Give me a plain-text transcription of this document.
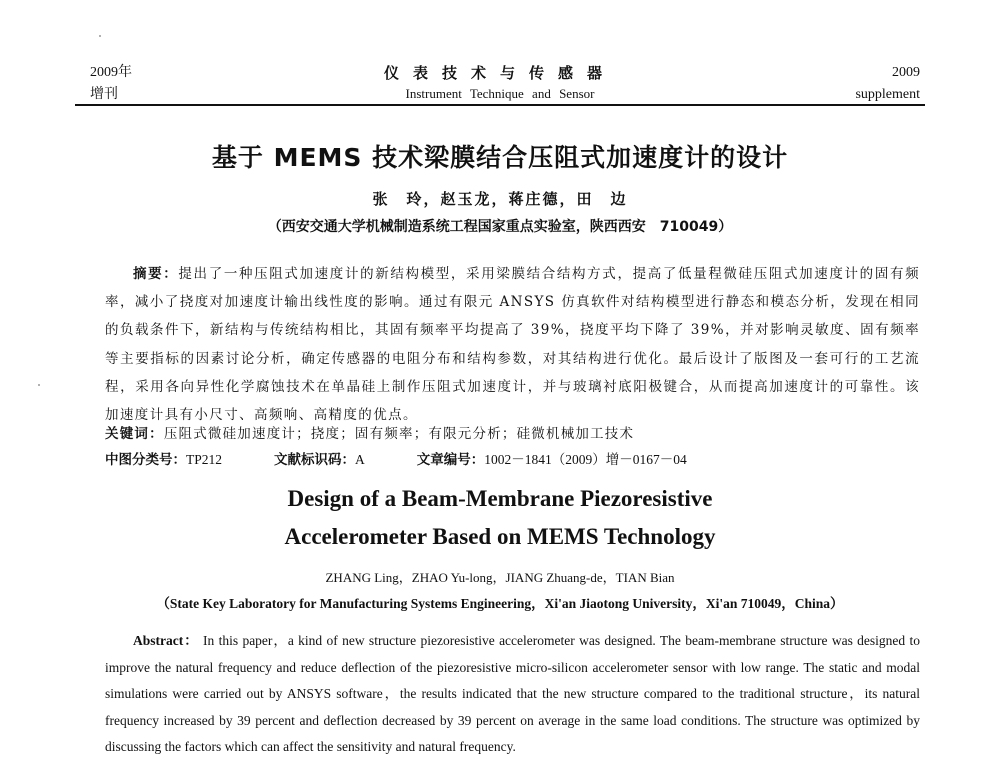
2009年
增刊
仪表技术与传感器
Instrument Technique and Sensor
2009
supplement
基于 MEMS 技术梁膜结合压阻式加速度计的设计
张　玲，赵玉龙，蒋庄德，田　边
（西安交通大学机械制造系统工程国家重点实验室，陕西西安　710049）
摘要：提出了一种压阻式加速度计的新结构模型，采用梁膜结合结构方式，提高了低量程微硅压阻式加速度计的固有频率，减小了挠度对加速度计输出线性度的影响。通过有限元 ANSYS 仿真软件对结构模型进行静态和模态分析，发现在相同的负载条件下，新结构与传统结构相比，其固有频率平均提高了 39%，挠度平均下降了 39%，并对影响灵敏度、固有频率等主要指标的因素讨论分析，确定传感器的电阻分布和结构参数，对其结构进行优化。最后设计了版图及一套可行的工艺流程，采用各向异性化学腐蚀技术在单晶硅上制作压阻式加速度计，并与玻璃衬底阳极键合，从而提高加速度计的可靠性。该加速度计具有小尺寸、高频响、高精度的优点。
关键词：压阻式微硅加速度计；挠度；固有频率；有限元分析；硅微机械加工技术
中图分类号：TP212	文献标识码：A	文章编号：1002－1841（2009）增－0167－04
Design of a Beam-Membrane Piezoresistive
Accelerometer Based on MEMS Technology
ZHANG Ling，ZHAO Yu-long，JIANG Zhuang-de，TIAN Bian
（State Key Laboratory for Manufacturing Systems Engineering，Xi'an Jiaotong University，Xi'an 710049，China）
Abstract： In this paper，a kind of new structure piezoresistive accelerometer was designed. The beam-membrane structure was designed to improve the natural frequency and reduce deflection of the piezoresistive micro-silicon accelerometer sensor with low range. The static and modal simulations were carried out by ANSYS software，the results indicated that the new structure compared to the traditional structure，its natural frequency increased by 39 percent and deflection decreased by 39 percent on average in the same load conditions. The structure was optimized by discussing the factors which can affect the sensitivity and natural frequency.
